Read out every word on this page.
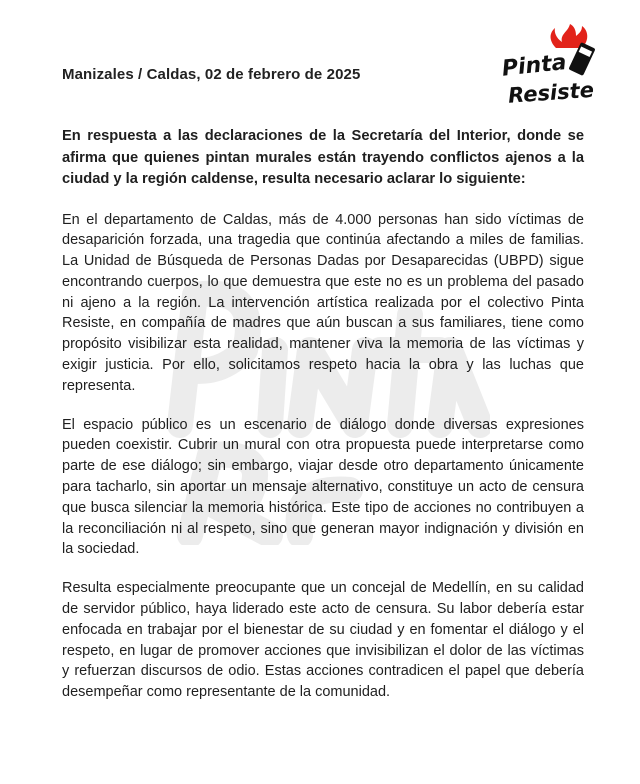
Manizales / Caldas, 02 de febrero de 2025	Pinta
Resiste

En respuesta a las declaraciones de la Secretaría del Interior, donde se afirma que quienes pintan murales están trayendo conflictos ajenos a la ciudad y la región caldense, resulta necesario aclarar lo siguiente:

En el departamento de Caldas, más de 4.000 personas han sido víctimas de desaparición forzada, una tragedia que continúa afectando a miles de familias. La Unidad de Búsqueda de Personas Dadas por Desaparecidas (UBPD) sigue encontrando cuerpos, lo que demuestra que este no es un problema del pasado ni ajeno a la región. La intervención artística realizada por el colectivo Pinta Resiste, en compañía de madres que aún buscan a sus familiares, tiene como propósito visibilizar esta realidad, mantener viva la memoria de las víctimas y exigir justicia. Por ello, solicitamos respeto hacia la obra y las luchas que representa.

El espacio público es un escenario de diálogo donde diversas expresiones pueden coexistir. Cubrir un mural con otra propuesta puede interpretarse como parte de ese diálogo; sin embargo, viajar desde otro departamento únicamente para tacharlo, sin aportar un mensaje alternativo, constituye un acto de censura que busca silenciar la memoria histórica. Este tipo de acciones no contribuyen a la reconciliación ni al respeto, sino que generan mayor indignación y división en la sociedad.

Resulta especialmente preocupante que un concejal de Medellín, en su calidad de servidor público, haya liderado este acto de censura. Su labor debería estar enfocada en trabajar por el bienestar de su ciudad y en fomentar el diálogo y el respeto, en lugar de promover acciones que invisibilizan el dolor de las víctimas y refuerzan discursos de odio. Estas acciones contradicen el papel que debería desempeñar como representante de la comunidad.
